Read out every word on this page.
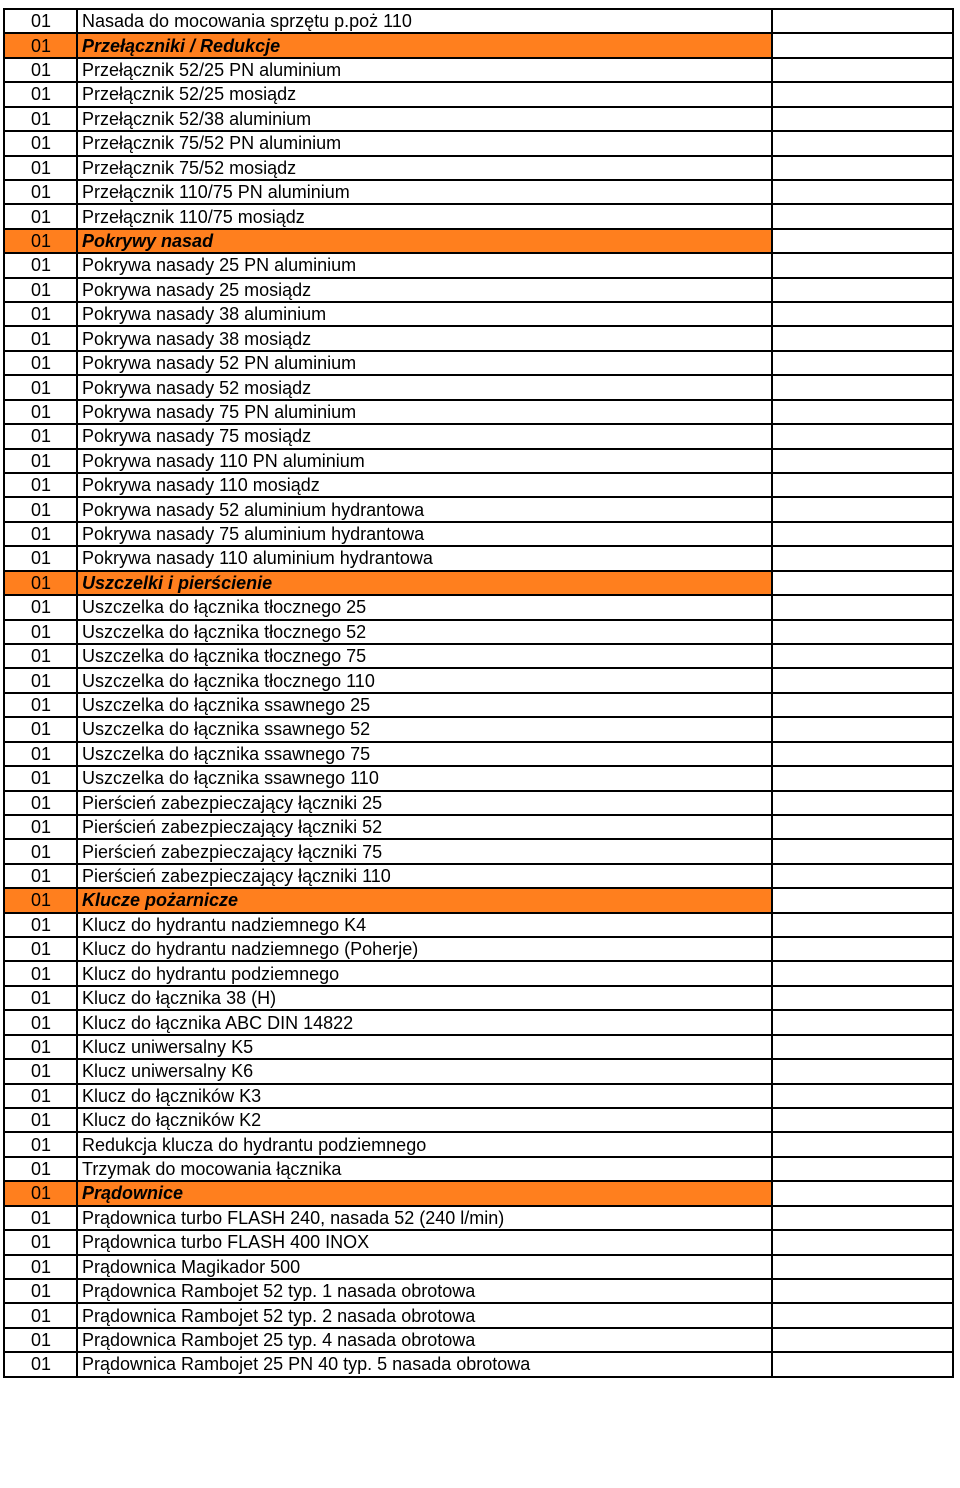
01	Nasada do mocowania sprzętu p.poż 110	
01	Przełączniki / Redukcje	
01	Przełącznik 52/25 PN aluminium	
01	Przełącznik 52/25 mosiądz	
01	Przełącznik 52/38 aluminium	
01	Przełącznik 75/52 PN aluminium	
01	Przełącznik 75/52 mosiądz	
01	Przełącznik 110/75 PN aluminium	
01	Przełącznik 110/75 mosiądz	
01	Pokrywy nasad	
01	Pokrywa nasady 25 PN aluminium	
01	Pokrywa nasady 25 mosiądz	
01	Pokrywa nasady 38 aluminium	
01	Pokrywa nasady 38 mosiądz	
01	Pokrywa nasady 52 PN aluminium	
01	Pokrywa nasady 52 mosiądz	
01	Pokrywa nasady 75 PN aluminium	
01	Pokrywa nasady 75 mosiądz	
01	Pokrywa nasady 110 PN aluminium	
01	Pokrywa nasady 110 mosiądz	
01	Pokrywa nasady 52 aluminium hydrantowa	
01	Pokrywa nasady 75 aluminium hydrantowa	
01	Pokrywa nasady 110 aluminium hydrantowa	
01	Uszczelki i pierścienie	
01	Uszczelka do łącznika tłocznego 25	
01	Uszczelka do łącznika tłocznego 52	
01	Uszczelka do łącznika tłocznego 75	
01	Uszczelka do łącznika tłocznego 110	
01	Uszczelka do łącznika ssawnego 25	
01	Uszczelka do łącznika ssawnego 52	
01	Uszczelka do łącznika ssawnego 75	
01	Uszczelka do łącznika ssawnego 110	
01	Pierścień zabezpieczający łączniki 25	
01	Pierścień zabezpieczający łączniki 52	
01	Pierścień zabezpieczający łączniki 75	
01	Pierścień zabezpieczający łączniki 110	
01	Klucze pożarnicze	
01	Klucz do hydrantu nadziemnego K4	
01	Klucz do hydrantu nadziemnego (Poherje)	
01	Klucz do hydrantu podziemnego	
01	Klucz do łącznika 38 (H)	
01	Klucz do łącznika ABC DIN 14822	
01	Klucz uniwersalny K5	
01	Klucz uniwersalny K6	
01	Klucz do łączników K3	
01	Klucz do łączników K2	
01	Redukcja klucza do hydrantu podziemnego	
01	Trzymak do mocowania łącznika	
01	Prądownice	
01	Prądownica turbo FLASH 240, nasada 52 (240 l/min)	
01	Prądownica turbo FLASH 400 INOX	
01	Prądownica Magikador 500	
01	Prądownica Rambojet 52 typ. 1 nasada obrotowa	
01	Prądownica Rambojet 52 typ. 2 nasada obrotowa	
01	Prądownica Rambojet 25 typ. 4 nasada obrotowa	
01	Prądownica Rambojet 25 PN 40 typ. 5 nasada obrotowa	
